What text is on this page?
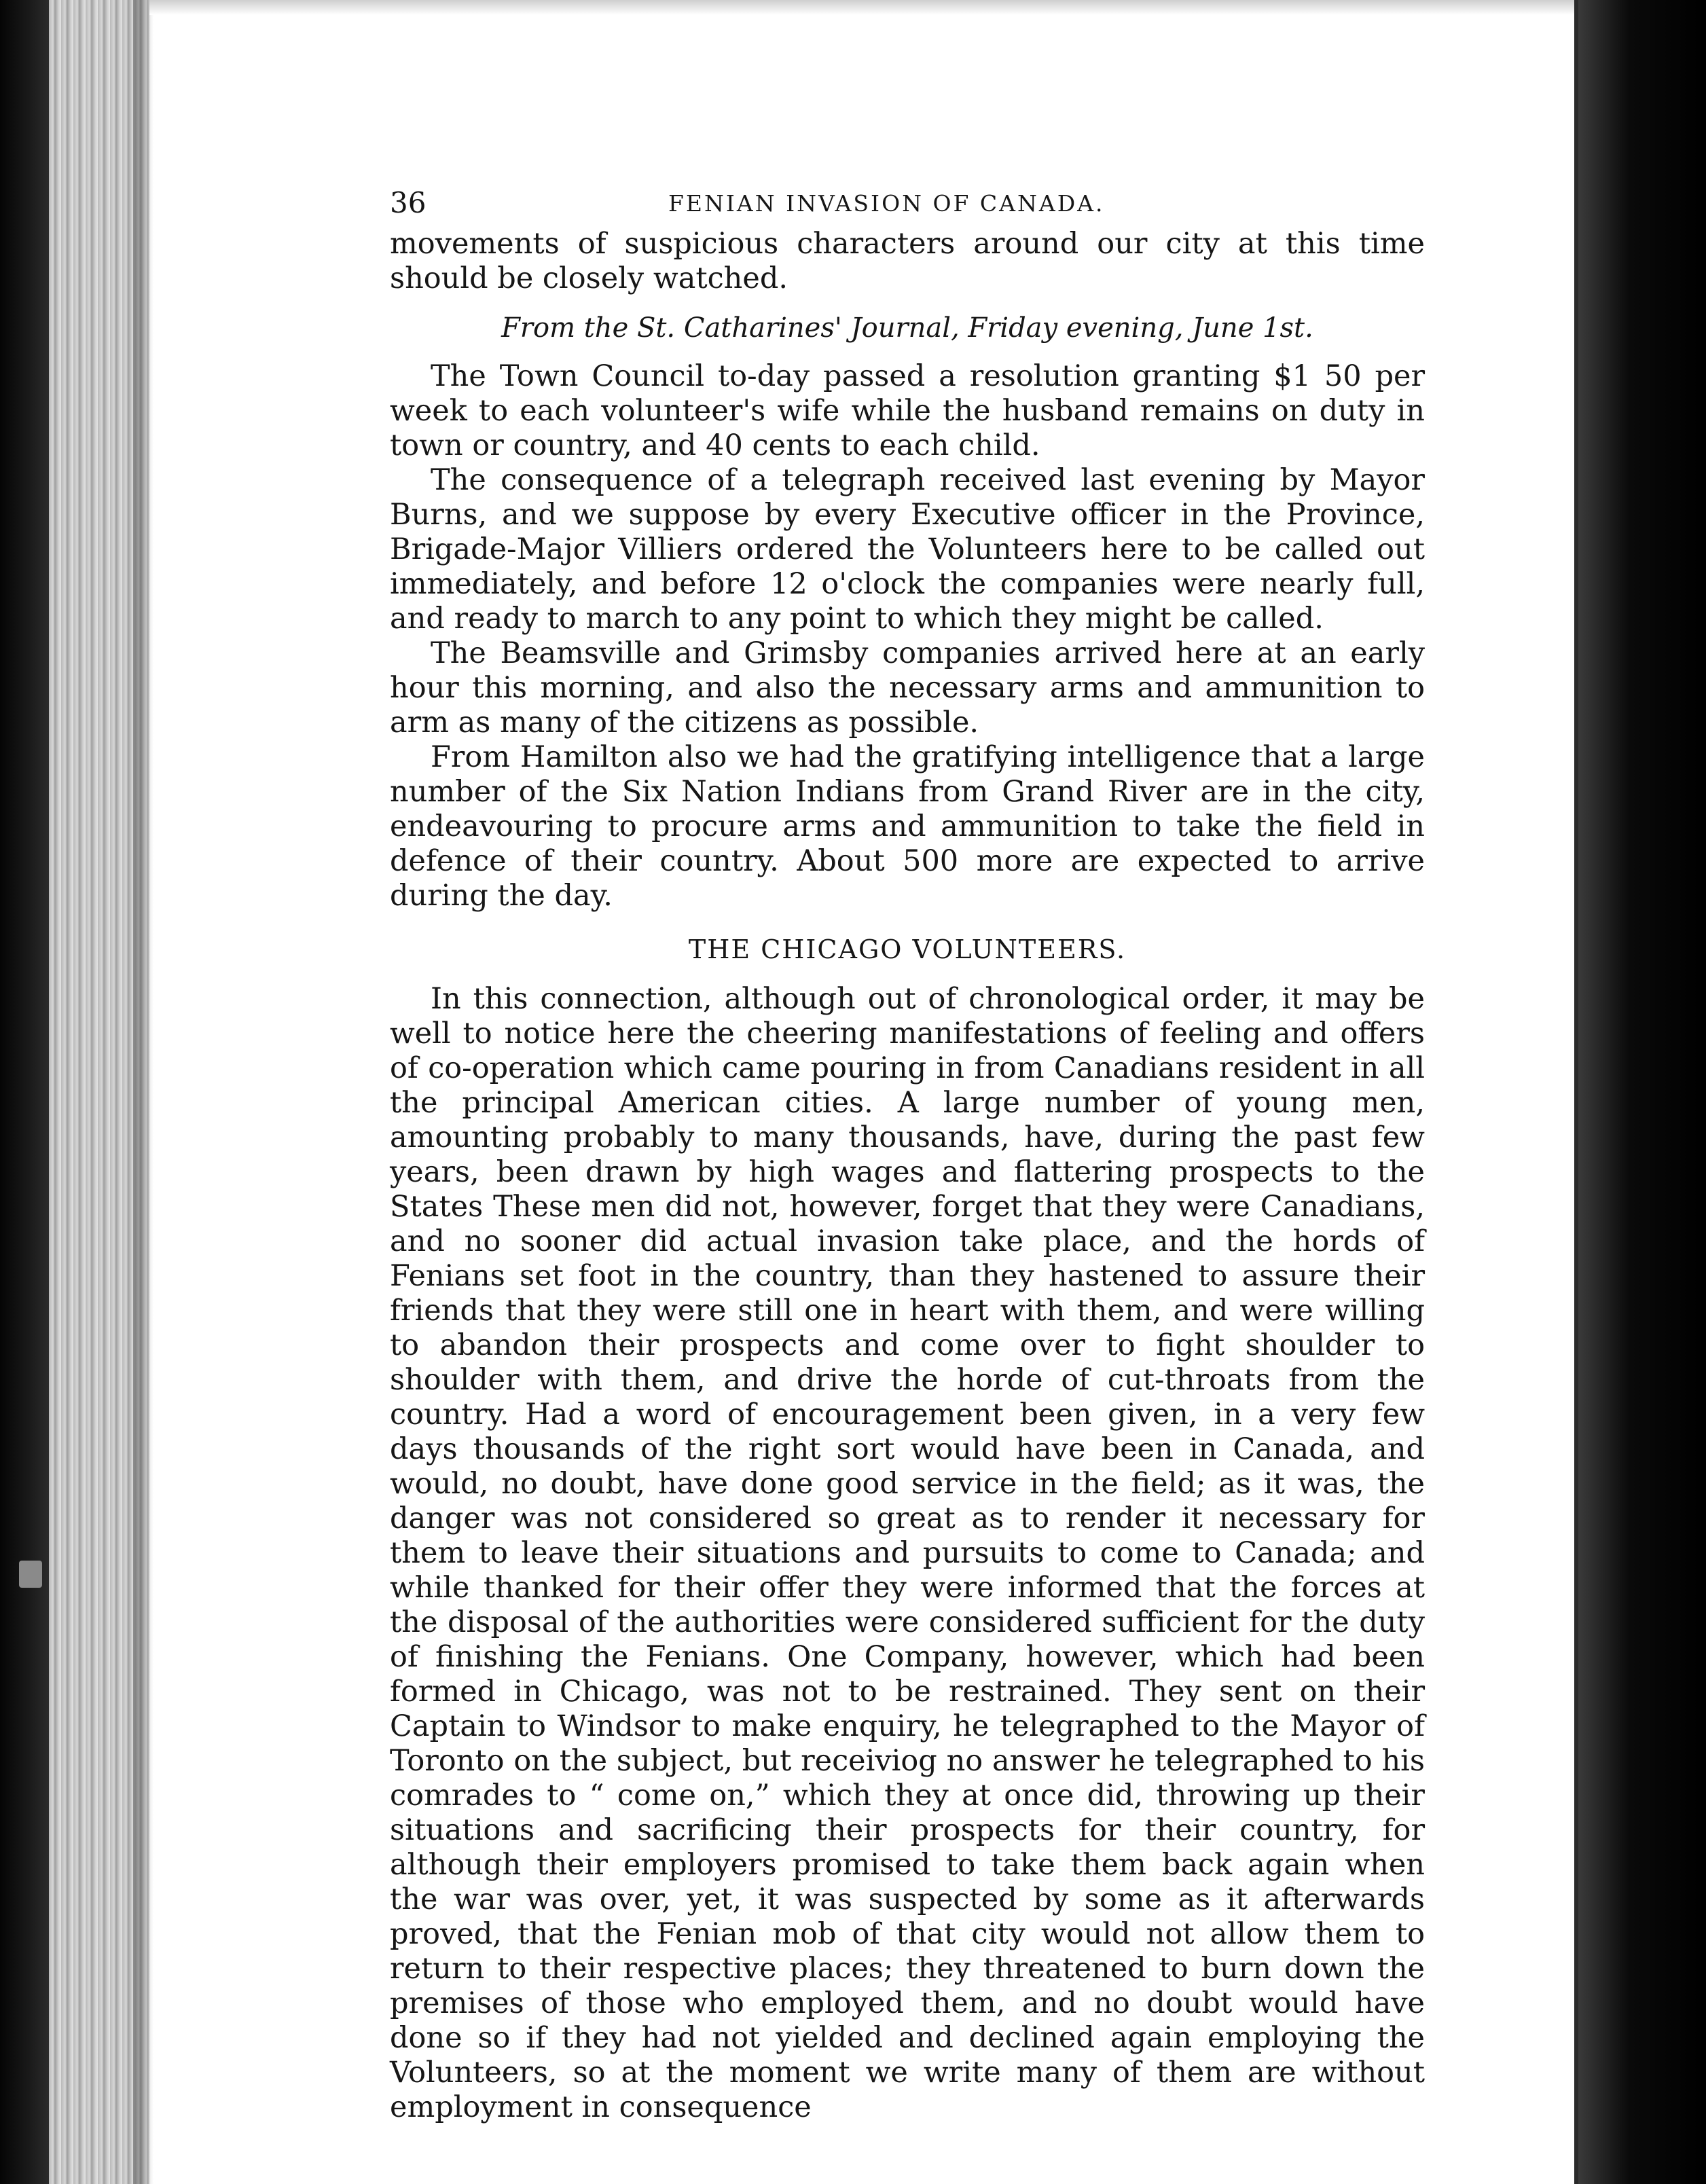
36	FENIAN INVASION OF CANADA.

movements of suspicious characters around our city at this time should be closely watched.

From the St. Catharines' Journal, Friday evening, June 1st.

The Town Council to-day passed a resolution granting $1 50 per week to each volunteer's wife while the husband remains on duty in town or country, and 40 cents to each child.

The consequence of a telegraph received last evening by Mayor Burns, and we suppose by every Executive officer in the Province, Brigade-Major Villiers ordered the Volunteers here to be called out immediately, and before 12 o'clock the companies were nearly full, and ready to march to any point to which they might be called.

The Beamsville and Grimsby companies arrived here at an early hour this morning, and also the necessary arms and ammunition to arm as many of the citizens as possible.

From Hamilton also we had the gratifying intelligence that a large number of the Six Nation Indians from Grand River are in the city, endeavouring to procure arms and ammunition to take the field in defence of their country. About 500 more are expected to arrive during the day.

THE CHICAGO VOLUNTEERS.

In this connection, although out of chronological order, it may be well to notice here the cheering manifestations of feeling and offers of co-operation which came pouring in from Canadians resident in all the principal American cities. A large number of young men, amounting probably to many thousands, have, during the past few years, been drawn by high wages and flattering prospects to the States These men did not, however, forget that they were Canadians, and no sooner did actual invasion take place, and the hords of Fenians set foot in the country, than they hastened to assure their friends that they were still one in heart with them, and were willing to abandon their prospects and come over to fight shoulder to shoulder with them, and drive the horde of cut-throats from the country. Had a word of encouragement been given, in a very few days thousands of the right sort would have been in Canada, and would, no doubt, have done good service in the field; as it was, the danger was not considered so great as to render it necessary for them to leave their situations and pursuits to come to Canada; and while thanked for their offer they were informed that the forces at the disposal of the authorities were considered sufficient for the duty of finishing the Fenians. One Company, however, which had been formed in Chicago, was not to be restrained. They sent on their Captain to Windsor to make enquiry, he telegraphed to the Mayor of Toronto on the subject, but receiviog no answer he telegraphed to his comrades to “ come on,” which they at once did, throwing up their situations and sacrificing their prospects for their country, for although their employers promised to take them back again when the war was over, yet, it was suspected by some as it afterwards proved, that the Fenian mob of that city would not allow them to return to their respective places; they threatened to burn down the premises of those who employed them, and no doubt would have done so if they had not yielded and declined again employing the Volunteers, so at the moment we write many of them are without employment in consequence
